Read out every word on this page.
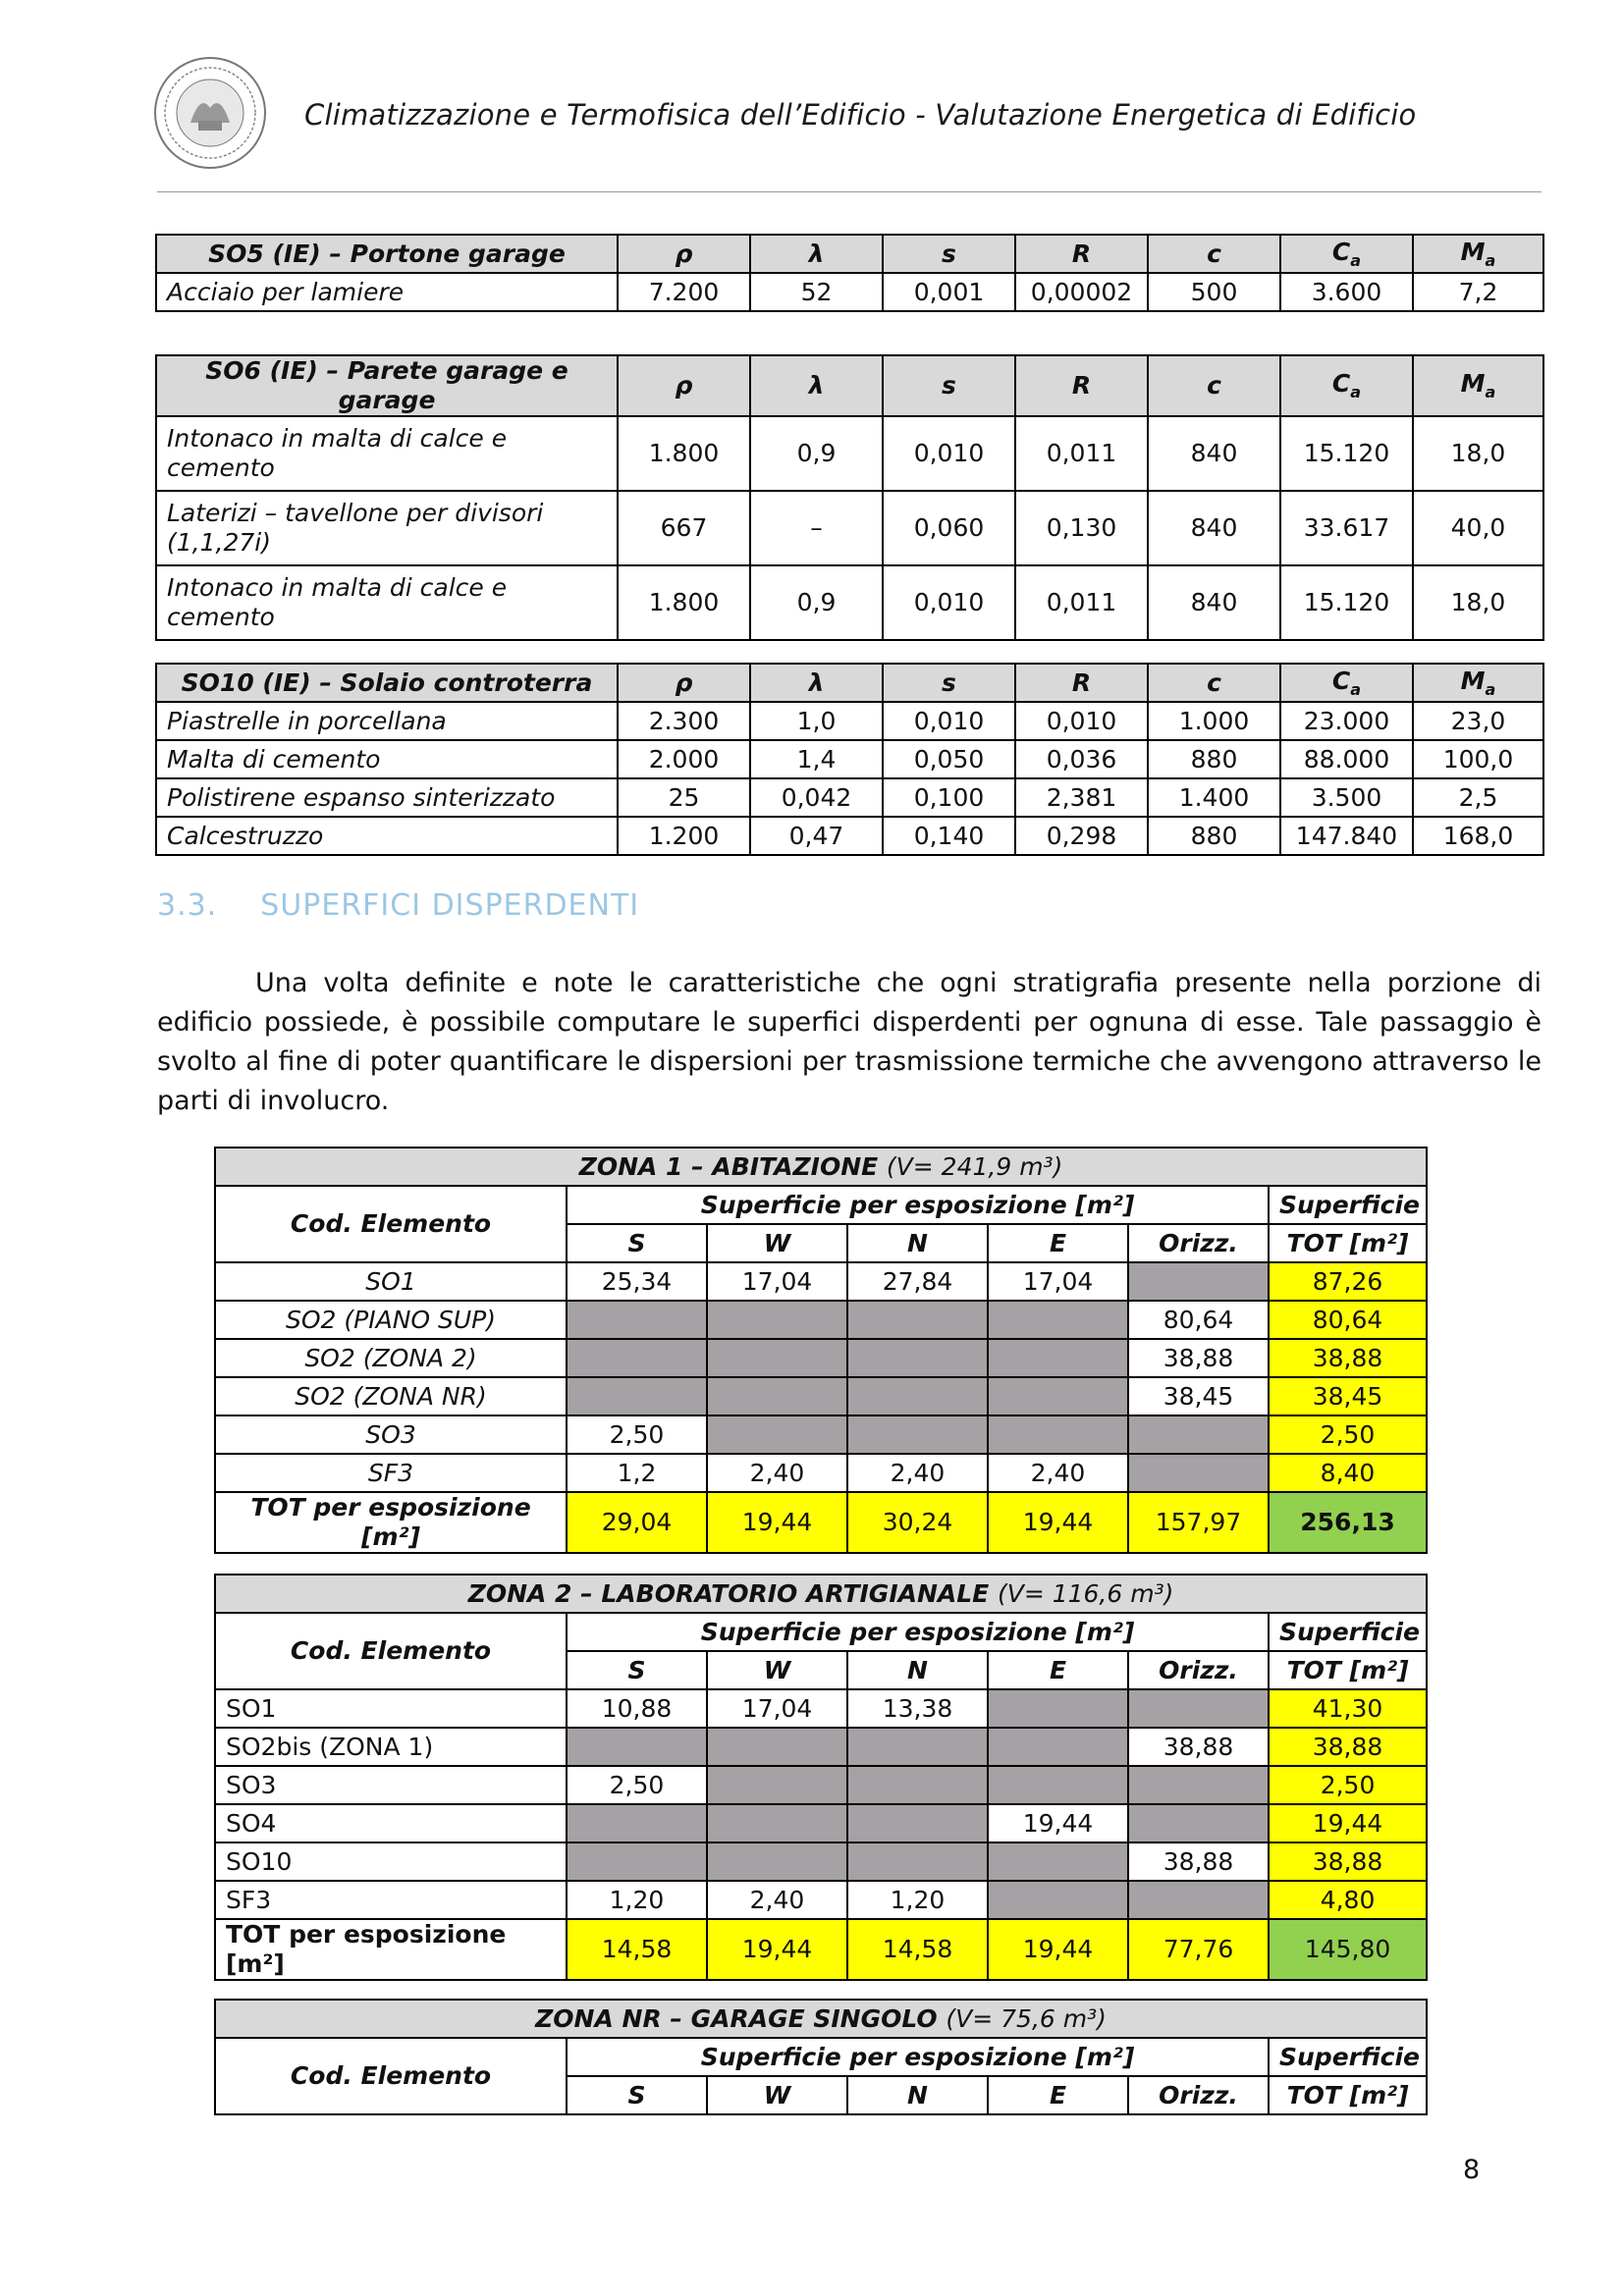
Climatizzazione e Termofisica dell’Edificio - Valutazione Energetica di Edificio
SO5 (IE) – Portone garage	ρ	λ	s	R	c	$C_a$	$M_a$
Acciaio per lamiere	7.200	52	0,001	0,00002	500	3.600	7,2
SO6 (IE) – Parete garage e garage	ρ	λ	s	R	c	$C_a$	$M_a$
Intonaco in malta di calce e cemento	1.800	0,9	0,010	0,011	840	15.120	18,0
Laterizi – tavellone per divisori (1,1,27i)	667	–	0,060	0,130	840	33.617	40,0
Intonaco in malta di calce e cemento	1.800	0,9	0,010	0,011	840	15.120	18,0
SO10 (IE) – Solaio controterra	ρ	λ	s	R	c	$C_a$	$M_a$
Piastrelle in porcellana	2.300	1,0	0,010	0,010	1.000	23.000	23,0
Malta di cemento	2.000	1,4	0,050	0,036	880	88.000	100,0
Polistirene espanso sinterizzato	25	0,042	0,100	2,381	1.400	3.500	2,5
Calcestruzzo	1.200	0,47	0,140	0,298	880	147.840	168,0
3.3. SUPERFICI DISPERDENTI

Una volta definite e note le caratteristiche che ogni stratigrafia presente nella porzione di edificio possiede, è possibile computare le superfici disperdenti per ognuna di esse. Tale passaggio è svolto al fine di poter quantificare le dispersioni per trasmissione termiche che avvengono attraverso le parti di involucro.

ZONA 1 – ABITAZIONE (V= 241,9 m³)						
Cod. Elemento	Superficie per esposizione [m²]					Superficie
	S	W	N	E	Orizz.	TOT [m²]
SO1	25,34	17,04	27,84	17,04		87,26
SO2 (PIANO SUP)					80,64	80,64
SO2 (ZONA 2)					38,88	38,88
SO2 (ZONA NR)					38,45	38,45
SO3	2,50					2,50
SF3	1,2	2,40	2,40	2,40		8,40
TOT per esposizione [m²]	29,04	19,44	30,24	19,44	157,97	256,13
ZONA 2 – LABORATORIO ARTIGIANALE (V= 116,6 m³)						
Cod. Elemento	Superficie per esposizione [m²]					Superficie
	S	W	N	E	Orizz.	TOT [m²]
SO1	10,88	17,04	13,38			41,30
SO2bis (ZONA 1)					38,88	38,88
SO3	2,50					2,50
SO4				19,44		19,44
SO10					38,88	38,88
SF3	1,20	2,40	1,20			4,80
TOT per esposizione [m²]	14,58	19,44	14,58	19,44	77,76	145,80
ZONA NR – GARAGE SINGOLO (V= 75,6 m³)						
Cod. Elemento	Superficie per esposizione [m²]					Superficie
	S	W	N	E	Orizz.	TOT [m²]
8
